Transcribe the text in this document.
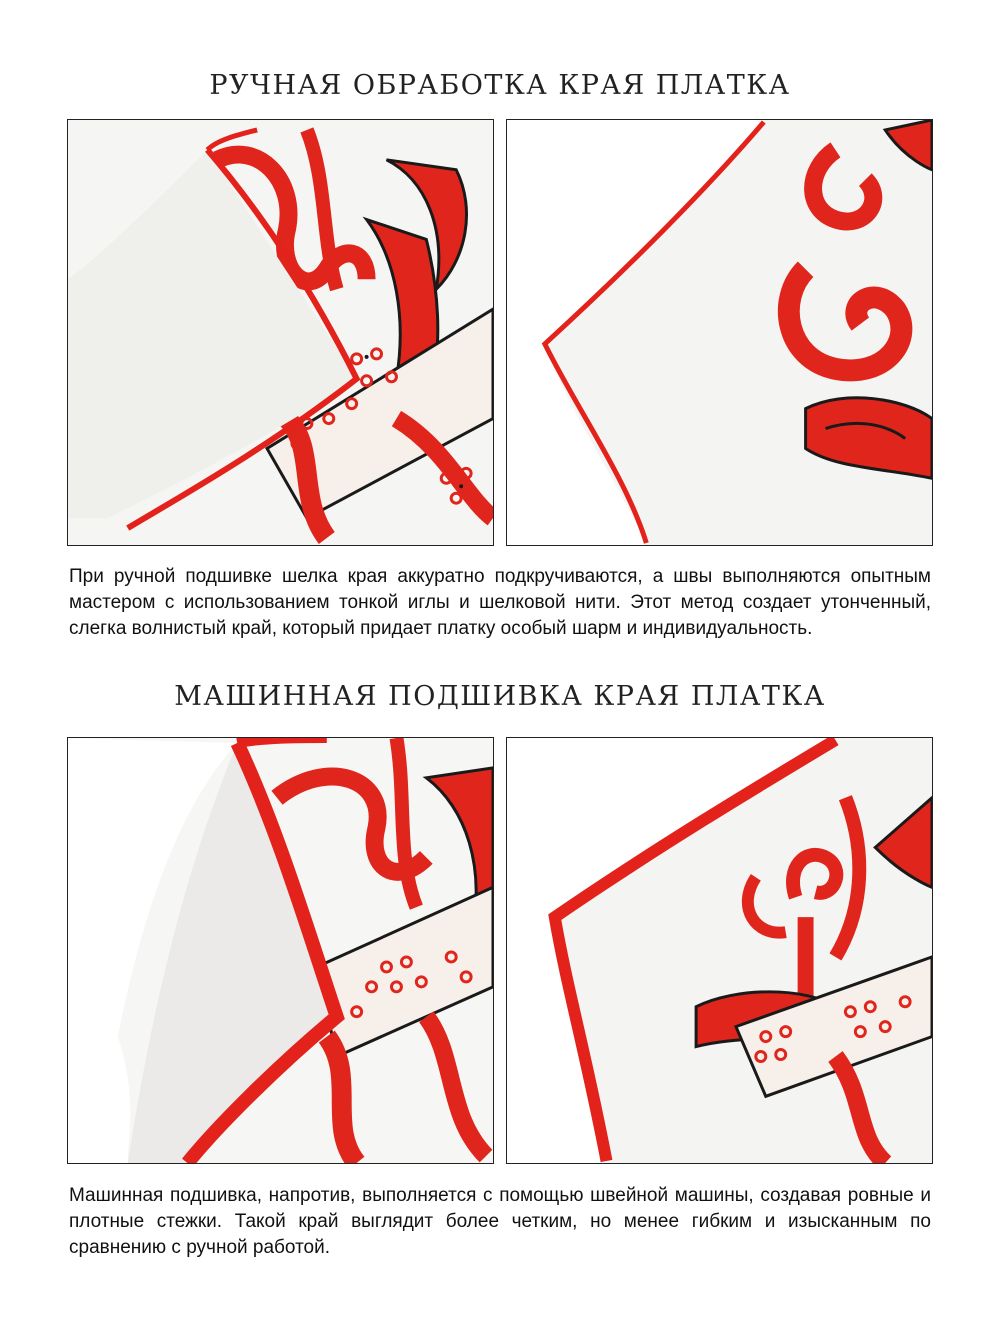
РУЧНАЯ ОБРАБОТКА КРАЯ ПЛАТКА

При ручной подшивке шелка края аккуратно подкручиваются, а швы выполняются опытным мастером с использованием тонкой иглы и шелковой нити. Этот метод создает утонченный, слегка волнистый край, который придает платку особый шарм и индивидуальность.

МАШИННАЯ ПОДШИВКА КРАЯ ПЛАТКА

Машинная подшивка, напротив, выполняется с помощью швейной машины, создавая ровные и плотные стежки. Такой край выглядит более четким, но менее гибким и изысканным по сравнению с ручной работой.
